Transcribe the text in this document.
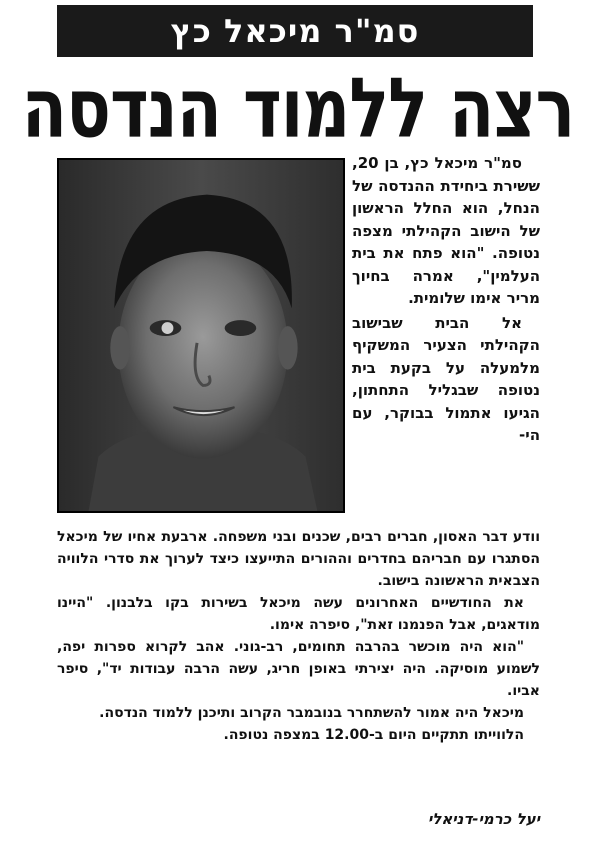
סמ"ר מיכאל כץ
רצה ללמוד הנדסה

סמ"ר מיכאל כץ, בן 20, ששירת ביחידת ההנדסה של הנחל, הוא החלל הראשון של הישוב הקהילתי מצפה נטופה. "הוא פתח את בית העלמין", אמרה בחיוך מריר אימו שלומית.

אל הבית שבישוב הקהילתי הצעיר המשקיף מלמעלה על בקעת בית נטופה שבגליל התחתון, הגיעו אתמול בבוקר, עם הי-

וודע דבר האסון, חברים רבים, שכנים ובני משפחה. ארבעת אחיו של מיכאל הסתגרו עם חבריהם בחדרים וההורים התייעצו כיצד לערוך את סדרי הלוויה הצבאית הראשונה בישוב.

את החודשיים האחרונים עשה מיכאל בשירות בקו בלבנון. "היינו מודאגים, אבל הפנמנו זאת", סיפרה אימו.

"הוא היה מוכשר בהרבה תחומים, רב-גוני. אהב לקרוא ספרות יפה, לשמוע מוסיקה. היה יצירתי באופן חריג, עשה הרבה עבודות יד", סיפר אביו.

מיכאל היה אמור להשתחרר בנובמבר הקרוב ותיכנן ללמוד הנדסה.

הלווייתו תתקיים היום ב-12.00 במצפה נטופה.

יעל כרמי-דניאלי
